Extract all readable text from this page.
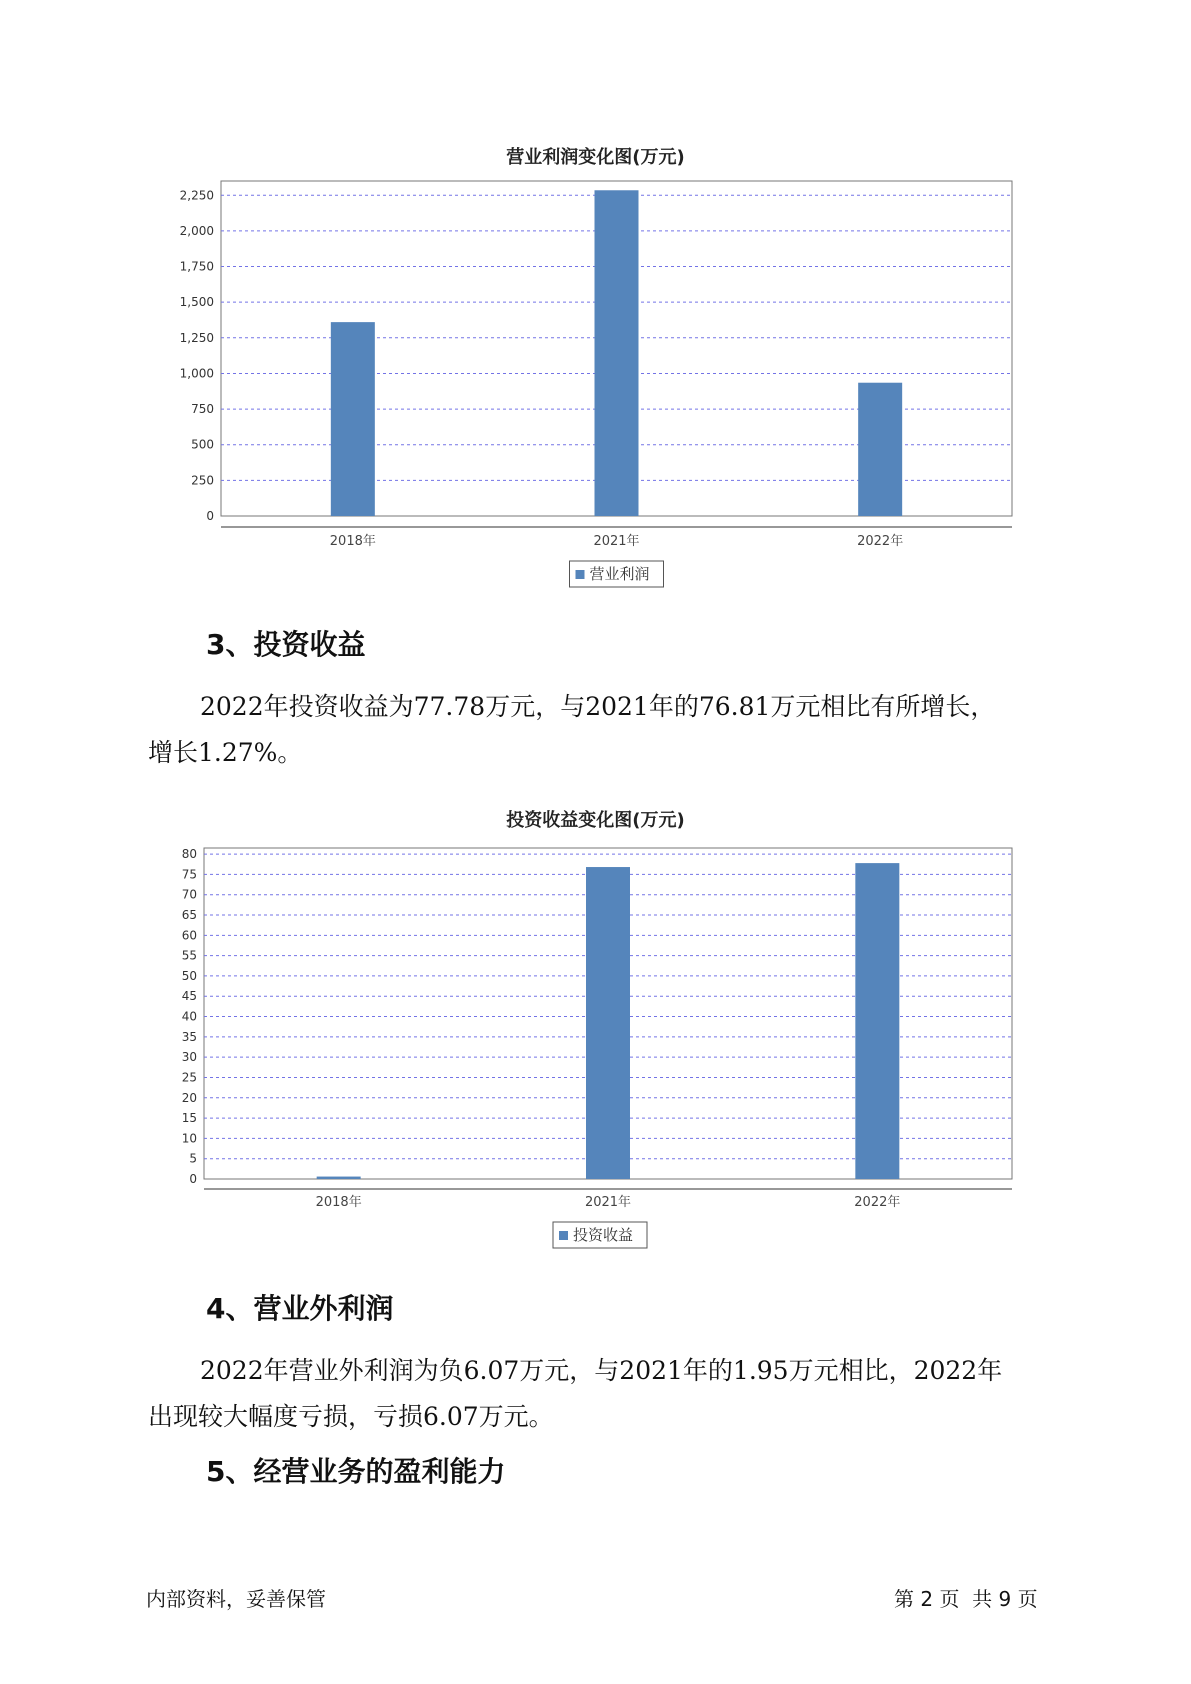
营业利润变化图(万元)
0
250
500
750
1,000
1,250
1,500
1,750
2,000
2,250
2018年	2021年	2022年
营业利润
3、投资收益
2022年投资收益为77.78万元，与2021年的76.81万元相比有所增长，
增长1.27%。
投资收益变化图(万元)
0
5
10
15
20
25
30
35
40
45
50
55
60
65
70
75
80
2018年	2021年	2022年
投资收益
4、营业外利润
2022年营业外利润为负6.07万元，与2021年的1.95万元相比，2022年
出现较大幅度亏损，亏损6.07万元。
5、经营业务的盈利能力
内部资料，妥善保管	第 2 页  共 9 页
